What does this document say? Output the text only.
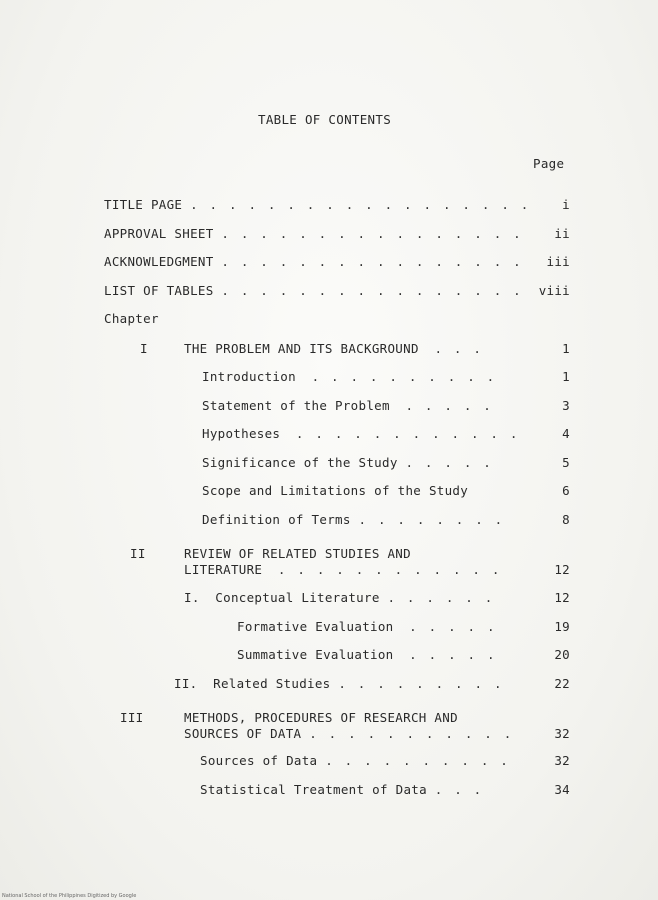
TABLE OF CONTENTS
Page
TITLE PAGE . . . . . . . . . . . . . . . . . .	i
APPROVAL SHEET . . . . . . . . . . . . . . . .	ii
ACKNOWLEDGMENT . . . . . . . . . . . . . . . .	iii
LIST OF TABLES . . . . . . . . . . . . . . . .	viii
Chapter
I	THE PROBLEM AND ITS BACKGROUND . . .	1
Introduction . . . . . . . . . .	1
Statement of the Problem . . . . .	3
Hypotheses . . . . . . . . . . . .	4
Significance of the Study . . . . .	5
Scope and Limitations of the Study	6
Definition of Terms . . . . . . . .	8
II	REVIEW OF RELATED STUDIES AND
LITERATURE . . . . . . . . . . . .	12
I.  Conceptual Literature . . . . . .	12
Formative Evaluation . . . . .	19
Summative Evaluation . . . . .	20
II.  Related Studies . . . . . . . . .	22
III	METHODS, PROCEDURES OF RESEARCH AND
SOURCES OF DATA . . . . . . . . . . .	32
Sources of Data . . . . . . . . . .	32
Statistical Treatment of Data . . .	34
National School of the Philippines Digitized by Google
